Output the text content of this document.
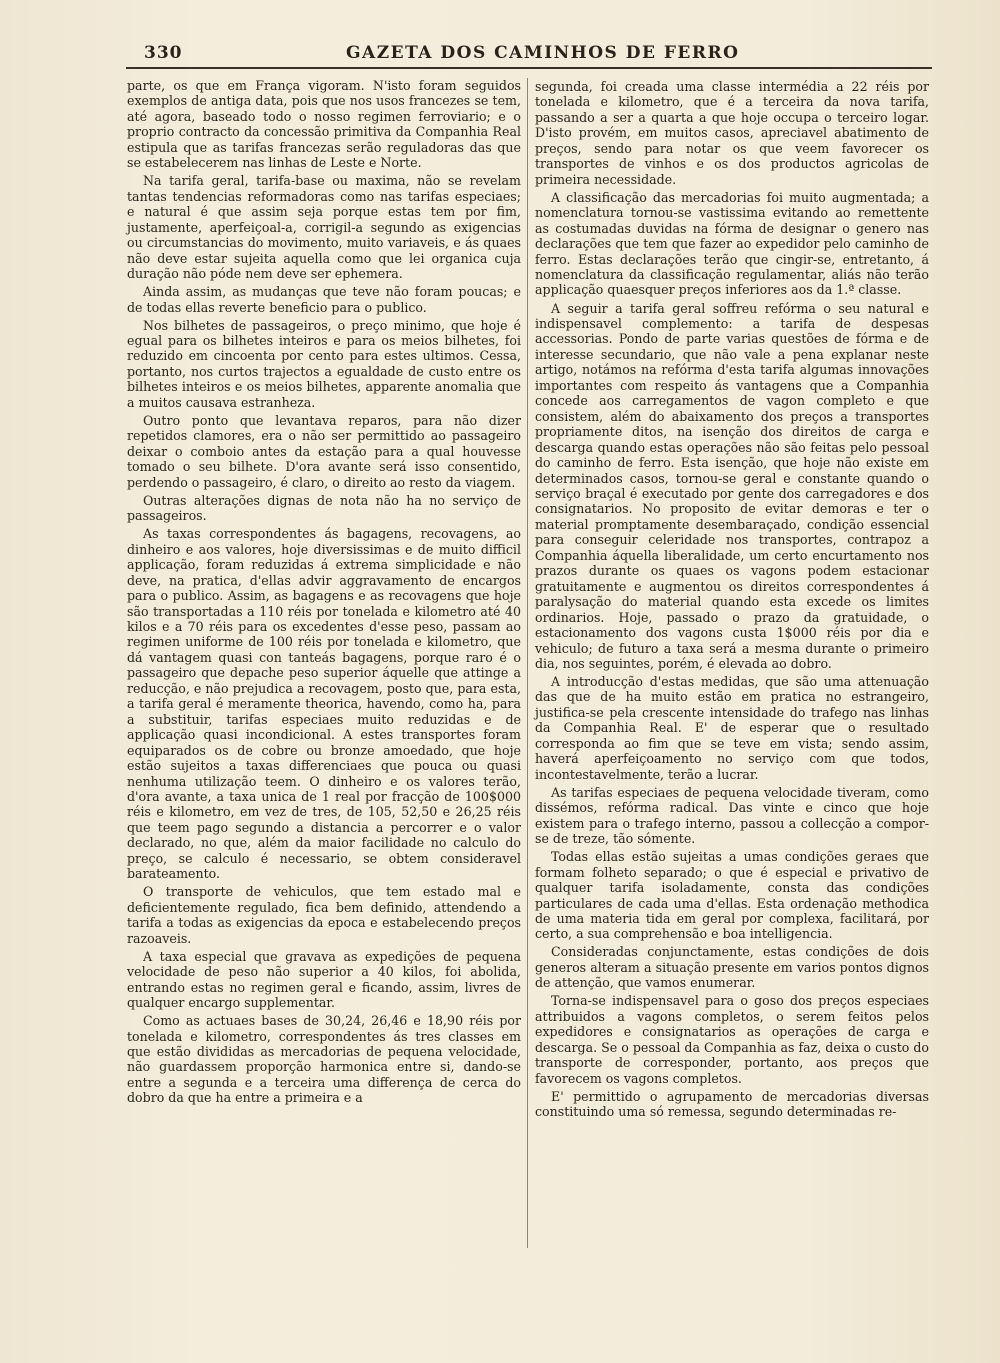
330	GAZETA DOS CAMINHOS DE FERRO

parte, os que em França vigoram. N'isto foram seguidos exemplos de antiga data, pois que nos usos francezes se tem, até agora, baseado todo o nosso regimen ferroviario; e o proprio contracto da concessão primitiva da Companhia Real estipula que as tarifas francezas serão reguladoras das que se estabelecerem nas linhas de Leste e Norte.

Na tarifa geral, tarifa-base ou maxima, não se revelam tantas tendencias reformadoras como nas tarifas especiaes; e natural é que assim seja porque estas tem por fim, justamente, aperfeiçoal-a, corrigil-a segundo as exigencias ou circumstancias do movimento, muito variaveis, e ás quaes não deve estar sujeita aquella como que lei organica cuja duração não póde nem deve ser ephemera.

Ainda assim, as mudanças que teve não foram poucas; e de todas ellas reverte beneficio para o publico.

Nos bilhetes de passageiros, o preço minimo, que hoje é egual para os bilhetes inteiros e para os meios bilhetes, foi reduzido em cincoenta por cento para estes ultimos. Cessa, portanto, nos curtos trajectos a egualdade de custo entre os bilhetes inteiros e os meios bilhetes, apparente anomalia que a muitos causava estranheza.

Outro ponto que levantava reparos, para não dizer repetidos clamores, era o não ser permittido ao passageiro deixar o comboio antes da estação para a qual houvesse tomado o seu bilhete. D'ora avante será isso consentido, perdendo o passageiro, é claro, o direito ao resto da viagem.

Outras alterações dignas de nota não ha no serviço de passageiros.

As taxas correspondentes ás bagagens, recovagens, ao dinheiro e aos valores, hoje diversissimas e de muito difficil applicação, foram reduzidas á extrema simplicidade e não deve, na pratica, d'ellas advir aggravamento de encargos para o publico. Assim, as bagagens e as recovagens que hoje são transportadas a 110 réis por tonelada e kilometro até 40 kilos e a 70 réis para os excedentes d'esse peso, passam ao regimen uniforme de 100 réis por tonelada e kilometro, que dá vantagem quasi con tanteás bagagens, porque raro é o passageiro que depache peso superior áquelle que attinge a reducção, e não prejudica a recovagem, posto que, para esta, a tarifa geral é meramente theorica, havendo, como ha, para a substituir, tarifas especiaes muito reduzidas e de applicação quasi incondicional. A estes transportes foram equiparados os de cobre ou bronze amoedado, que hoje estão sujeitos a taxas differenciaes que pouca ou quasi nenhuma utilização teem. O dinheiro e os valores terão, d'ora avante, a taxa unica de 1 real por fracção de 100$000 réis e kilometro, em vez de tres, de 105, 52,50 e 26,25 réis que teem pago segundo a distancia a percorrer e o valor declarado, no que, além da maior facilidade no calculo do preço, se calculo é necessario, se obtem consideravel barateamento.

O transporte de vehiculos, que tem estado mal e deficientemente regulado, fica bem definido, attendendo a tarifa a todas as exigencias da epoca e estabelecendo preços razoaveis.

A taxa especial que gravava as expedições de pequena velocidade de peso não superior a 40 kilos, foi abolida, entrando estas no regimen geral e ficando, assim, livres de qualquer encargo supplementar.

Como as actuaes bases de 30,24, 26,46 e 18,90 réis por tonelada e kilometro, correspondentes ás tres classes em que estão divididas as mercadorias de pequena velocidade, não guardassem proporção harmonica entre si, dando-se entre a segunda e a terceira uma differença de cerca do dobro da que ha entre a primeira e a

segunda, foi creada uma classe intermédia a 22 réis por tonelada e kilometro, que é a terceira da nova tarifa, passando a ser a quarta a que hoje occupa o terceiro logar. D'isto provém, em muitos casos, apreciavel abatimento de preços, sendo para notar os que veem favorecer os transportes de vinhos e os dos productos agricolas de primeira necessidade.

A classificação das mercadorias foi muito augmentada; a nomenclatura tornou-se vastissima evitando ao remettente as costumadas duvidas na fórma de designar o genero nas declarações que tem que fazer ao expedidor pelo caminho de ferro. Estas declarações terão que cingir-se, entretanto, á nomenclatura da classificação regulamentar, aliás não terão applicação quaesquer preços inferiores aos da 1.ª classe.

A seguir a tarifa geral soffreu refórma o seu natural e indispensavel complemento: a tarifa de despesas accessorias. Pondo de parte varias questões de fórma e de interesse secundario, que não vale a pena explanar neste artigo, notámos na refórma d'esta tarifa algumas innovações importantes com respeito ás vantagens que a Companhia concede aos carregamentos de vagon completo e que consistem, além do abaixamento dos preços a transportes propriamente ditos, na isenção dos direitos de carga e descarga quando estas operações não são feitas pelo pessoal do caminho de ferro. Esta isenção, que hoje não existe em determinados casos, tornou-se geral e constante quando o serviço braçal é executado por gente dos carregadores e dos consignatarios. No proposito de evitar demoras e ter o material promptamente desembaraçado, condição essencial para conseguir celeridade nos transportes, contrapoz a Companhia áquella liberalidade, um certo encurtamento nos prazos durante os quaes os vagons podem estacionar gratuitamente e augmentou os direitos correspondentes á paralysação do material quando esta excede os limites ordinarios. Hoje, passado o prazo da gratuidade, o estacionamento dos vagons custa 1$000 réis por dia e vehiculo; de futuro a taxa será a mesma durante o primeiro dia, nos seguintes, porém, é elevada ao dobro.

A introducção d'estas medidas, que são uma attenuação das que de ha muito estão em pratica no estrangeiro, justifica-se pela crescente intensidade do trafego nas linhas da Companhia Real. E' de esperar que o resultado corresponda ao fim que se teve em vista; sendo assim, haverá aperfeiçoamento no serviço com que todos, incontestavelmente, terão a lucrar.

As tarifas especiaes de pequena velocidade tiveram, como dissémos, refórma radical. Das vinte e cinco que hoje existem para o trafego interno, passou a collecção a compor-se de treze, tão sómente.

Todas ellas estão sujeitas a umas condições geraes que formam folheto separado; o que é especial e privativo de qualquer tarifa isoladamente, consta das condições particulares de cada uma d'ellas. Esta ordenação methodica de uma materia tida em geral por complexa, facilitará, por certo, a sua comprehensão e boa intelligencia.

Consideradas conjunctamente, estas condições de dois generos alteram a situação presente em varios pontos dignos de attenção, que vamos enumerar.

Torna-se indispensavel para o goso dos preços especiaes attribuidos a vagons completos, o serem feitos pelos expedidores e consignatarios as operações de carga e descarga. Se o pessoal da Companhia as faz, deixa o custo do transporte de corresponder, portanto, aos preços que favorecem os vagons completos.

E' permittido o agrupamento de mercadorias diversas constituindo uma só remessa, segundo determinadas re-
